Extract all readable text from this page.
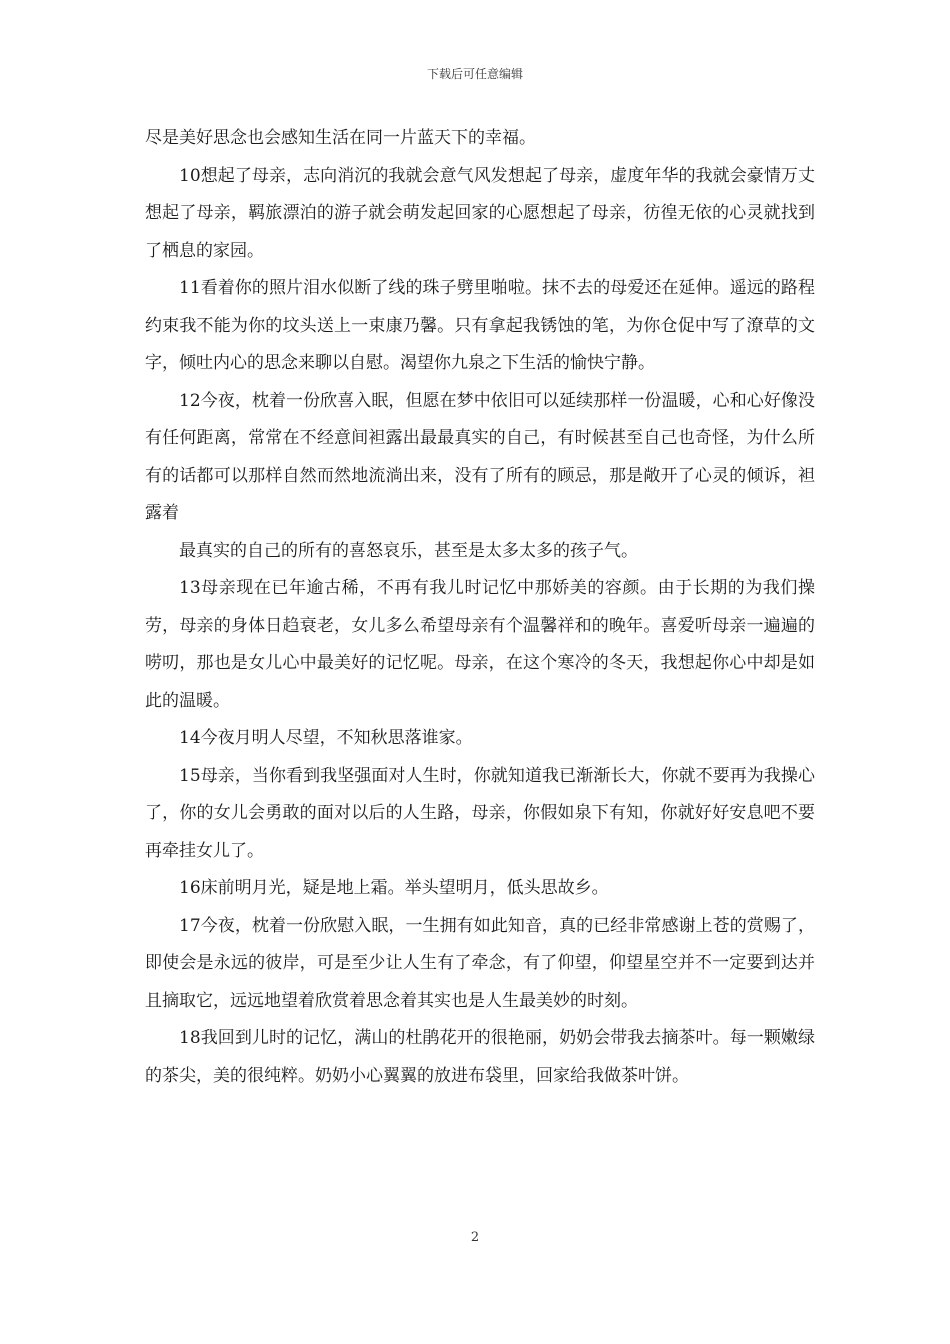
下载后可任意编辑

尽是美好思念也会感知生活在同一片蓝天下的幸福。

10想起了母亲，志向消沉的我就会意气风发想起了母亲，虚度年华的我就会豪情万丈想起了母亲，羁旅漂泊的游子就会萌发起回家的心愿想起了母亲，彷徨无依的心灵就找到了栖息的家园。

11看着你的照片泪水似断了线的珠子劈里啪啦。抹不去的母爱还在延伸。遥远的路程约束我不能为你的坟头送上一束康乃馨。只有拿起我锈蚀的笔，为你仓促中写了潦草的文字，倾吐内心的思念来聊以自慰。渴望你九泉之下生活的愉快宁静。

12今夜，枕着一份欣喜入眠，但愿在梦中依旧可以延续那样一份温暖，心和心好像没有任何距离，常常在不经意间袒露出最最真实的自己，有时候甚至自己也奇怪，为什么所有的话都可以那样自然而然地流淌出来，没有了所有的顾忌，那是敞开了心灵的倾诉，袒露着

最真实的自己的所有的喜怒哀乐，甚至是太多太多的孩子气。

13母亲现在已年逾古稀，不再有我儿时记忆中那娇美的容颜。由于长期的为我们操劳，母亲的身体日趋衰老，女儿多么希望母亲有个温馨祥和的晚年。喜爱听母亲一遍遍的唠叨，那也是女儿心中最美好的记忆呢。母亲，在这个寒冷的冬天，我想起你心中却是如此的温暖。

14今夜月明人尽望，不知秋思落谁家。

15母亲，当你看到我坚强面对人生时，你就知道我已渐渐长大，你就不要再为我操心了，你的女儿会勇敢的面对以后的人生路，母亲，你假如泉下有知，你就好好安息吧不要再牵挂女儿了。

16床前明月光，疑是地上霜。举头望明月，低头思故乡。

17今夜，枕着一份欣慰入眠，一生拥有如此知音，真的已经非常感谢上苍的赏赐了，即使会是永远的彼岸，可是至少让人生有了牵念，有了仰望，仰望星空并不一定要到达并且摘取它，远远地望着欣赏着思念着其实也是人生最美妙的时刻。

18我回到儿时的记忆，满山的杜鹃花开的很艳丽，奶奶会带我去摘茶叶。每一颗嫩绿的茶尖，美的很纯粹。奶奶小心翼翼的放进布袋里，回家给我做茶叶饼。

2
